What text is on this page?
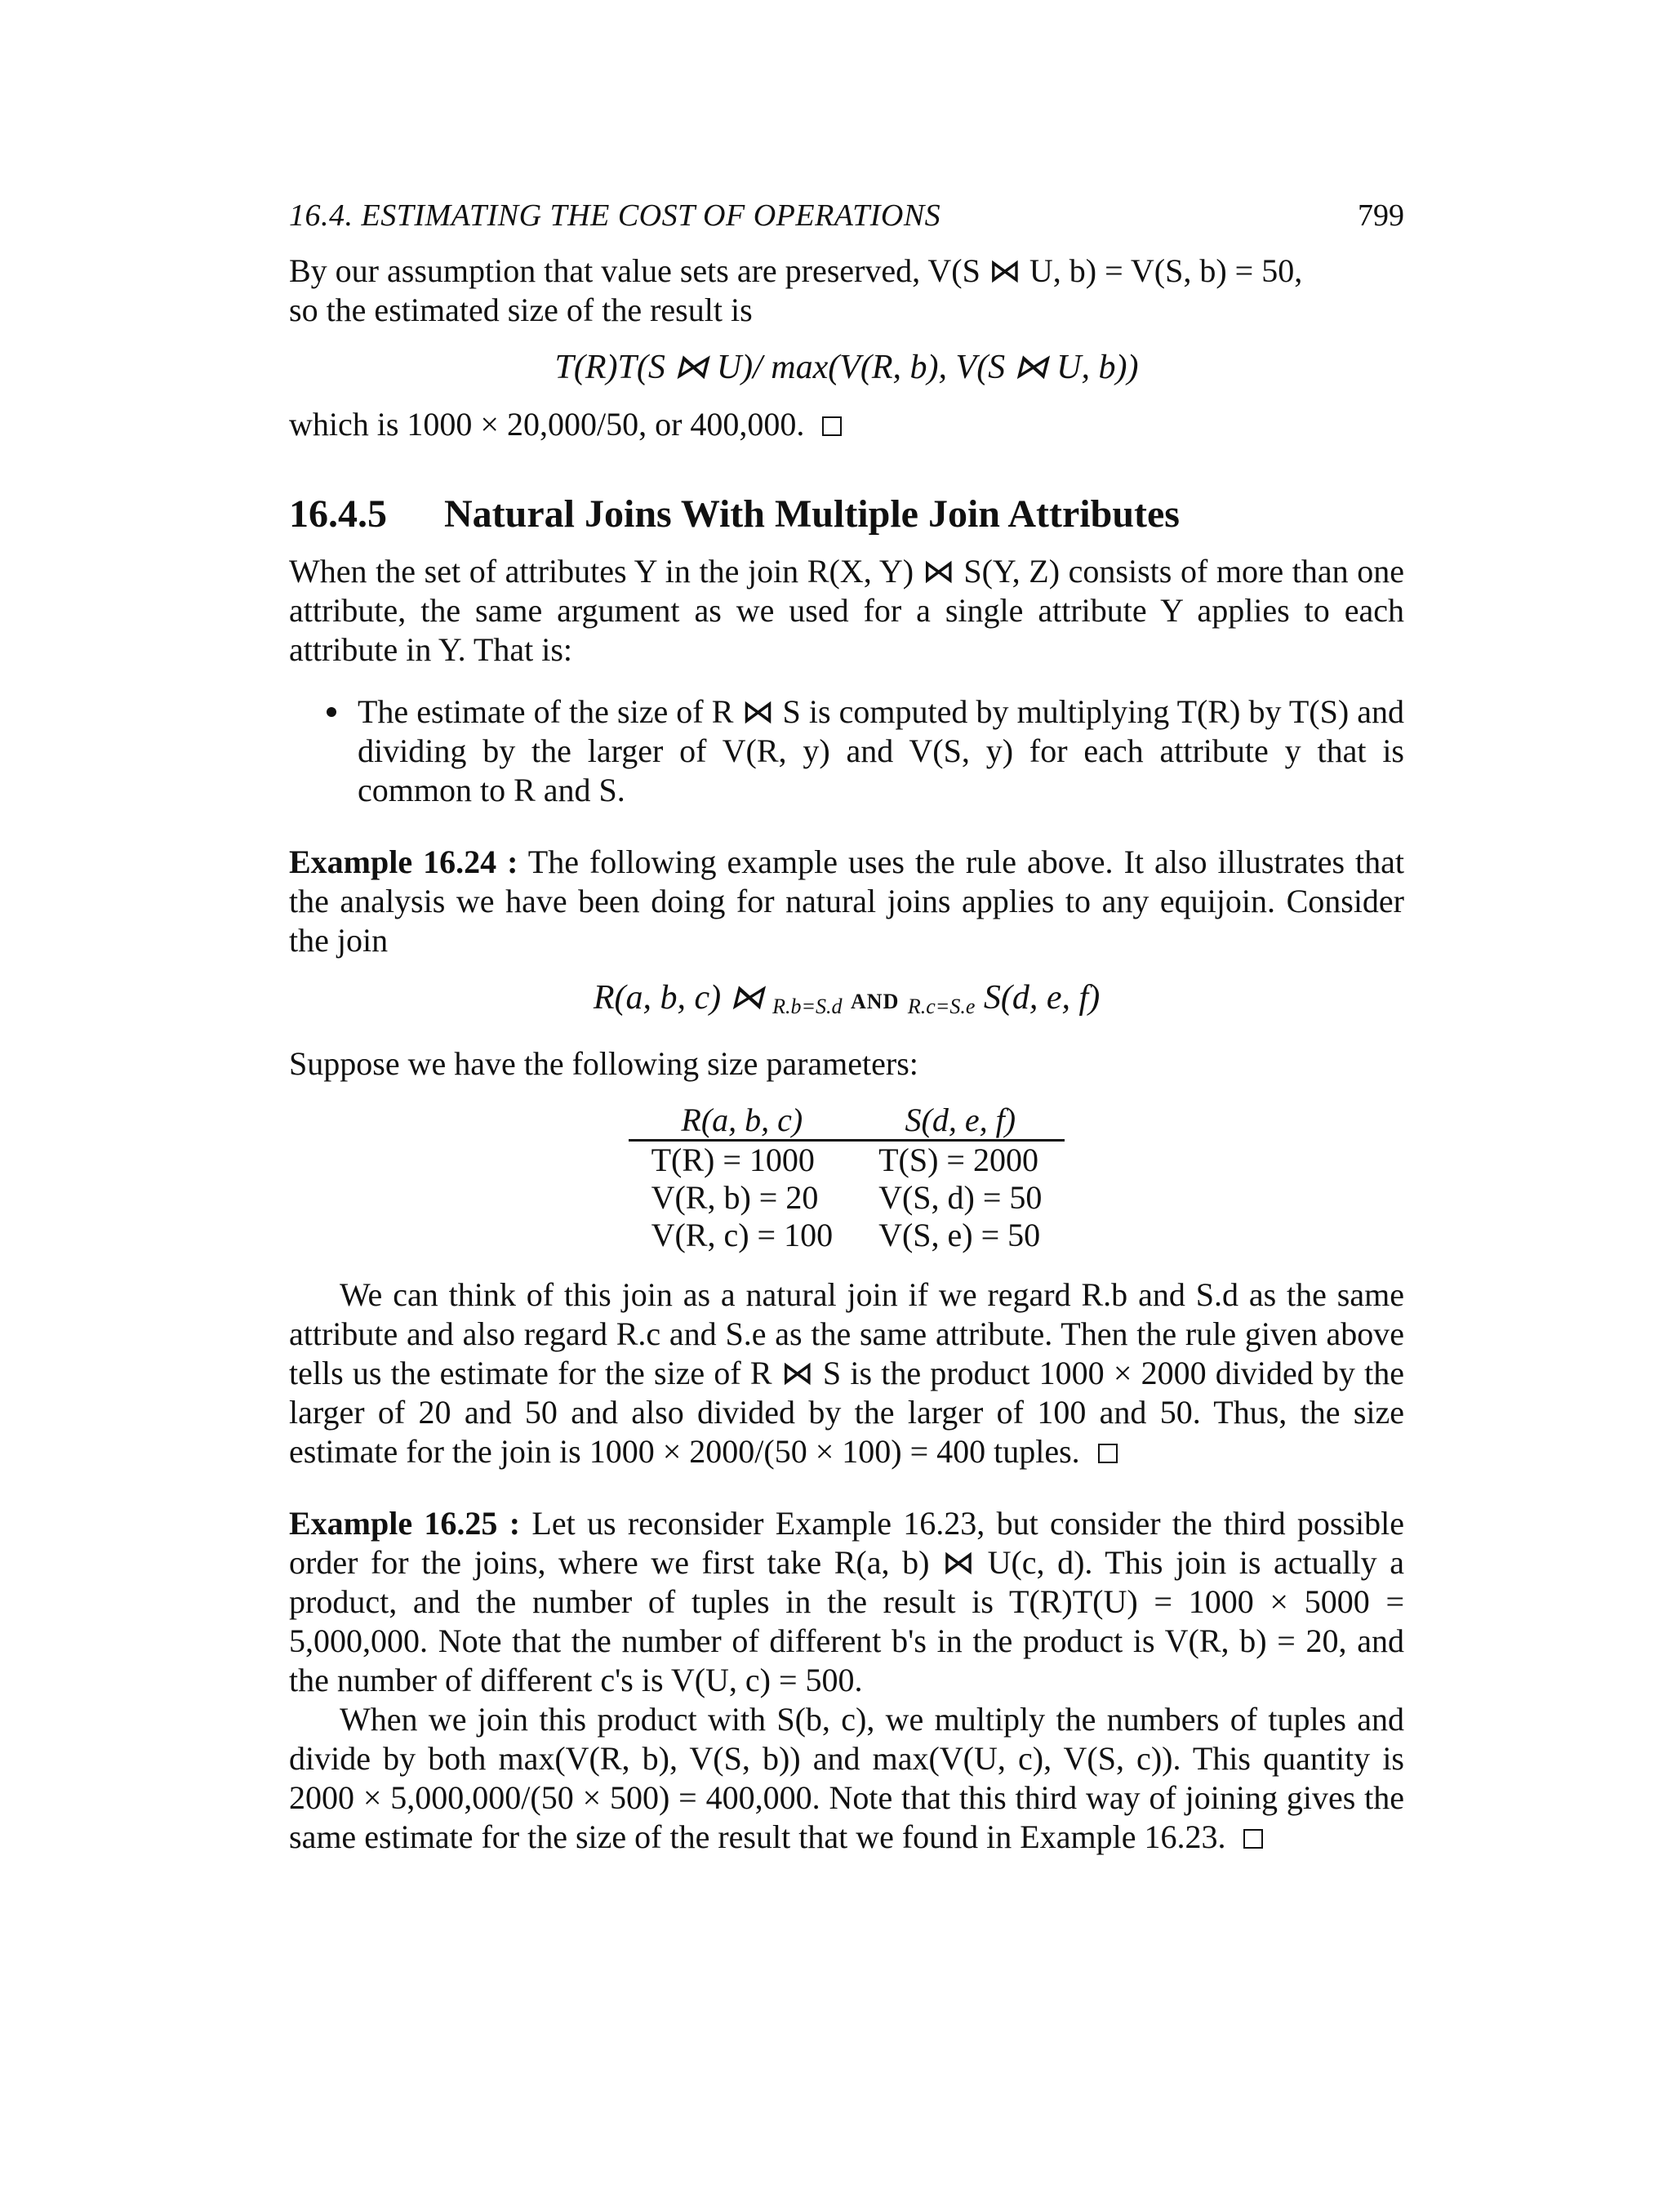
16.4. ESTIMATING THE COST OF OPERATIONS	799

By our assumption that value sets are preserved, V(S ⋈ U, b) = V(S, b) = 50,
so the estimated size of the result is

T(R)T(S ⋈ U)/ max(V(R, b), V(S ⋈ U, b))

which is 1000 × 20,000/50, or 400,000.

16.4.5 Natural Joins With Multiple Join Attributes

When the set of attributes Y in the join R(X, Y) ⋈ S(Y, Z) consists of more than one attribute, the same argument as we used for a single attribute Y applies to each attribute in Y. That is:

The estimate of the size of R ⋈ S is computed by multiplying T(R) by T(S) and dividing by the larger of V(R, y) and V(S, y) for each attribute y that is common to R and S.

Example 16.24 : The following example uses the rule above. It also illustrates that the analysis we have been doing for natural joins applies to any equijoin. Consider the join

R(a, b, c) ⋈ $_{R.b=S.d}$ AND $_{R.c=S.e}$ S(d, e, f)

Suppose we have the following size parameters:

R(a, b, c)	S(d, e, f)
T(R) = 1000	T(S) = 2000
V(R, b) = 20	V(S, d) = 50
V(R, c) = 100	V(S, e) = 50

We can think of this join as a natural join if we regard R.b and S.d as the same attribute and also regard R.c and S.e as the same attribute. Then the rule given above tells us the estimate for the size of R ⋈ S is the product 1000 × 2000 divided by the larger of 20 and 50 and also divided by the larger of 100 and 50. Thus, the size estimate for the join is 1000 × 2000/(50 × 100) = 400 tuples.

Example 16.25 : Let us reconsider Example 16.23, but consider the third possible order for the joins, where we first take R(a, b) ⋈ U(c, d). This join is actually a product, and the number of tuples in the result is T(R)T(U) = 1000 × 5000 = 5,000,000. Note that the number of different b's in the product is V(R, b) = 20, and the number of different c's is V(U, c) = 500.

When we join this product with S(b, c), we multiply the numbers of tuples and divide by both max(V(R, b), V(S, b)) and max(V(U, c), V(S, c)). This quantity is 2000 × 5,000,000/(50 × 500) = 400,000. Note that this third way of joining gives the same estimate for the size of the result that we found in Example 16.23.
